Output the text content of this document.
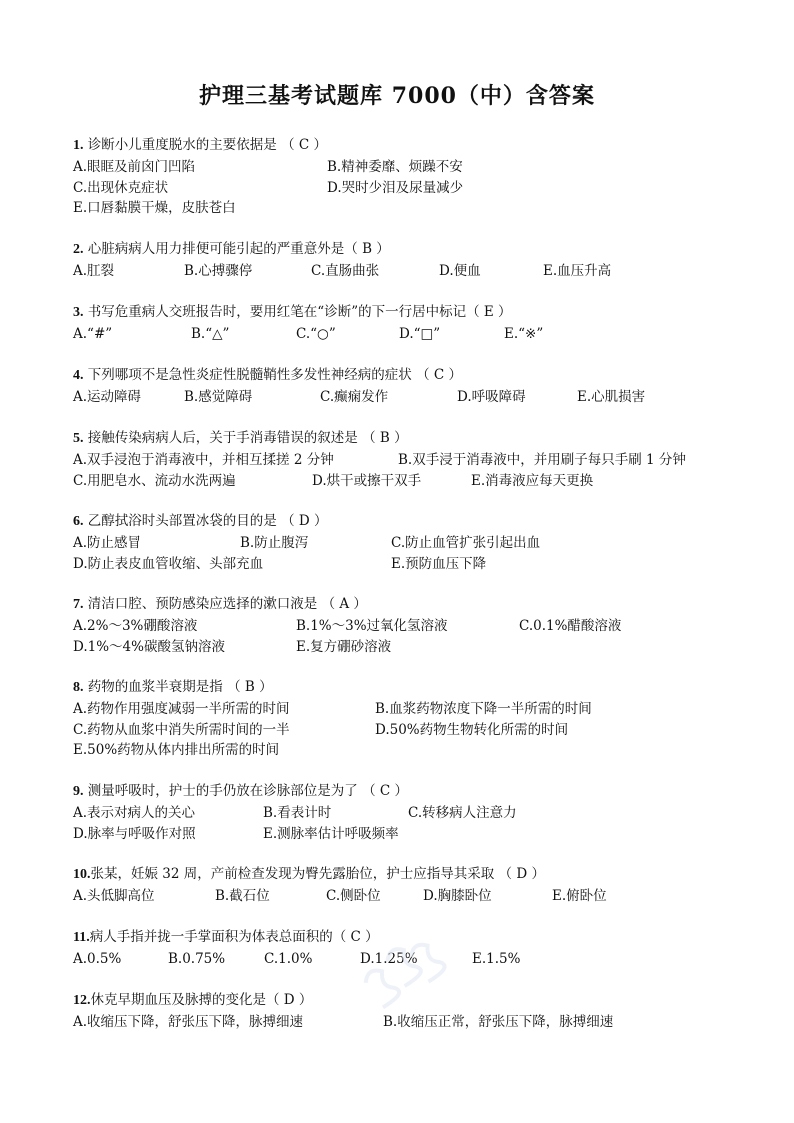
护理三基考试题库 7000（中）含答案
1. 诊断小儿重度脱水的主要依据是 （ C ）
A.眼眶及前囟门凹陷	B.精神委靡、烦躁不安
C.出现休克症状	D.哭时少泪及尿量减少
E.口唇黏膜干燥，皮肤苍白
2. 心脏病病人用力排便可能引起的严重意外是（ B ）
A.肛裂	B.心搏骤停	C.直肠曲张	D.便血	E.血压升高
3. 书写危重病人交班报告时，要用红笔在“诊断”的下一行居中标记（ E ）
A.“#”	B.“△”	C.“○”	D.“□”	E.“※”
4. 下列哪项不是急性炎症性脱髓鞘性多发性神经病的症状 （ C ）
A.运动障碍	B.感觉障碍	C.癫痫发作	D.呼吸障碍	E.心肌损害
5. 接触传染病病人后，关于手消毒错误的叙述是 （ B ）
A.双手浸泡于消毒液中，并相互揉搓 2 分钟	B.双手浸于消毒液中，并用刷子每只手刷 1 分钟
C.用肥皂水、流动水洗两遍	D.烘干或擦干双手	E.消毒液应每天更换
6. 乙醇拭浴时头部置冰袋的目的是 （ D ）
A.防止感冒	B.防止腹泻	C.防止血管扩张引起出血
D.防止表皮血管收缩、头部充血	E.预防血压下降
7. 清洁口腔、预防感染应选择的漱口液是 （ A ）
A.2%～3%硼酸溶液	B.1%～3%过氧化氢溶液	C.0.1%醋酸溶液
D.1%～4%碳酸氢钠溶液	E.复方硼砂溶液
8. 药物的血浆半衰期是指 （ B ）
A.药物作用强度减弱一半所需的时间	B.血浆药物浓度下降一半所需的时间
C.药物从血浆中消失所需时间的一半	D.50%药物生物转化所需的时间
E.50%药物从体内排出所需的时间
9. 测量呼吸时，护士的手仍放在诊脉部位是为了 （ C ）
A.表示对病人的关心	B.看表计时	C.转移病人注意力
D.脉率与呼吸作对照	E.测脉率估计呼吸频率
10.张某，妊娠 32 周，产前检查发现为臀先露胎位，护士应指导其采取 （ D ）
A.头低脚高位	B.截石位	C.侧卧位	D.胸膝卧位	E.俯卧位
11.病人手指并拢一手掌面积为体表总面积的（ C ）
A.0.5%	B.0.75%	C.1.0%	D.1.25%	E.1.5%
12.休克早期血压及脉搏的变化是（ D ）
A.收缩压下降，舒张压下降，脉搏细速	B.收缩压正常，舒张压下降，脉搏细速
